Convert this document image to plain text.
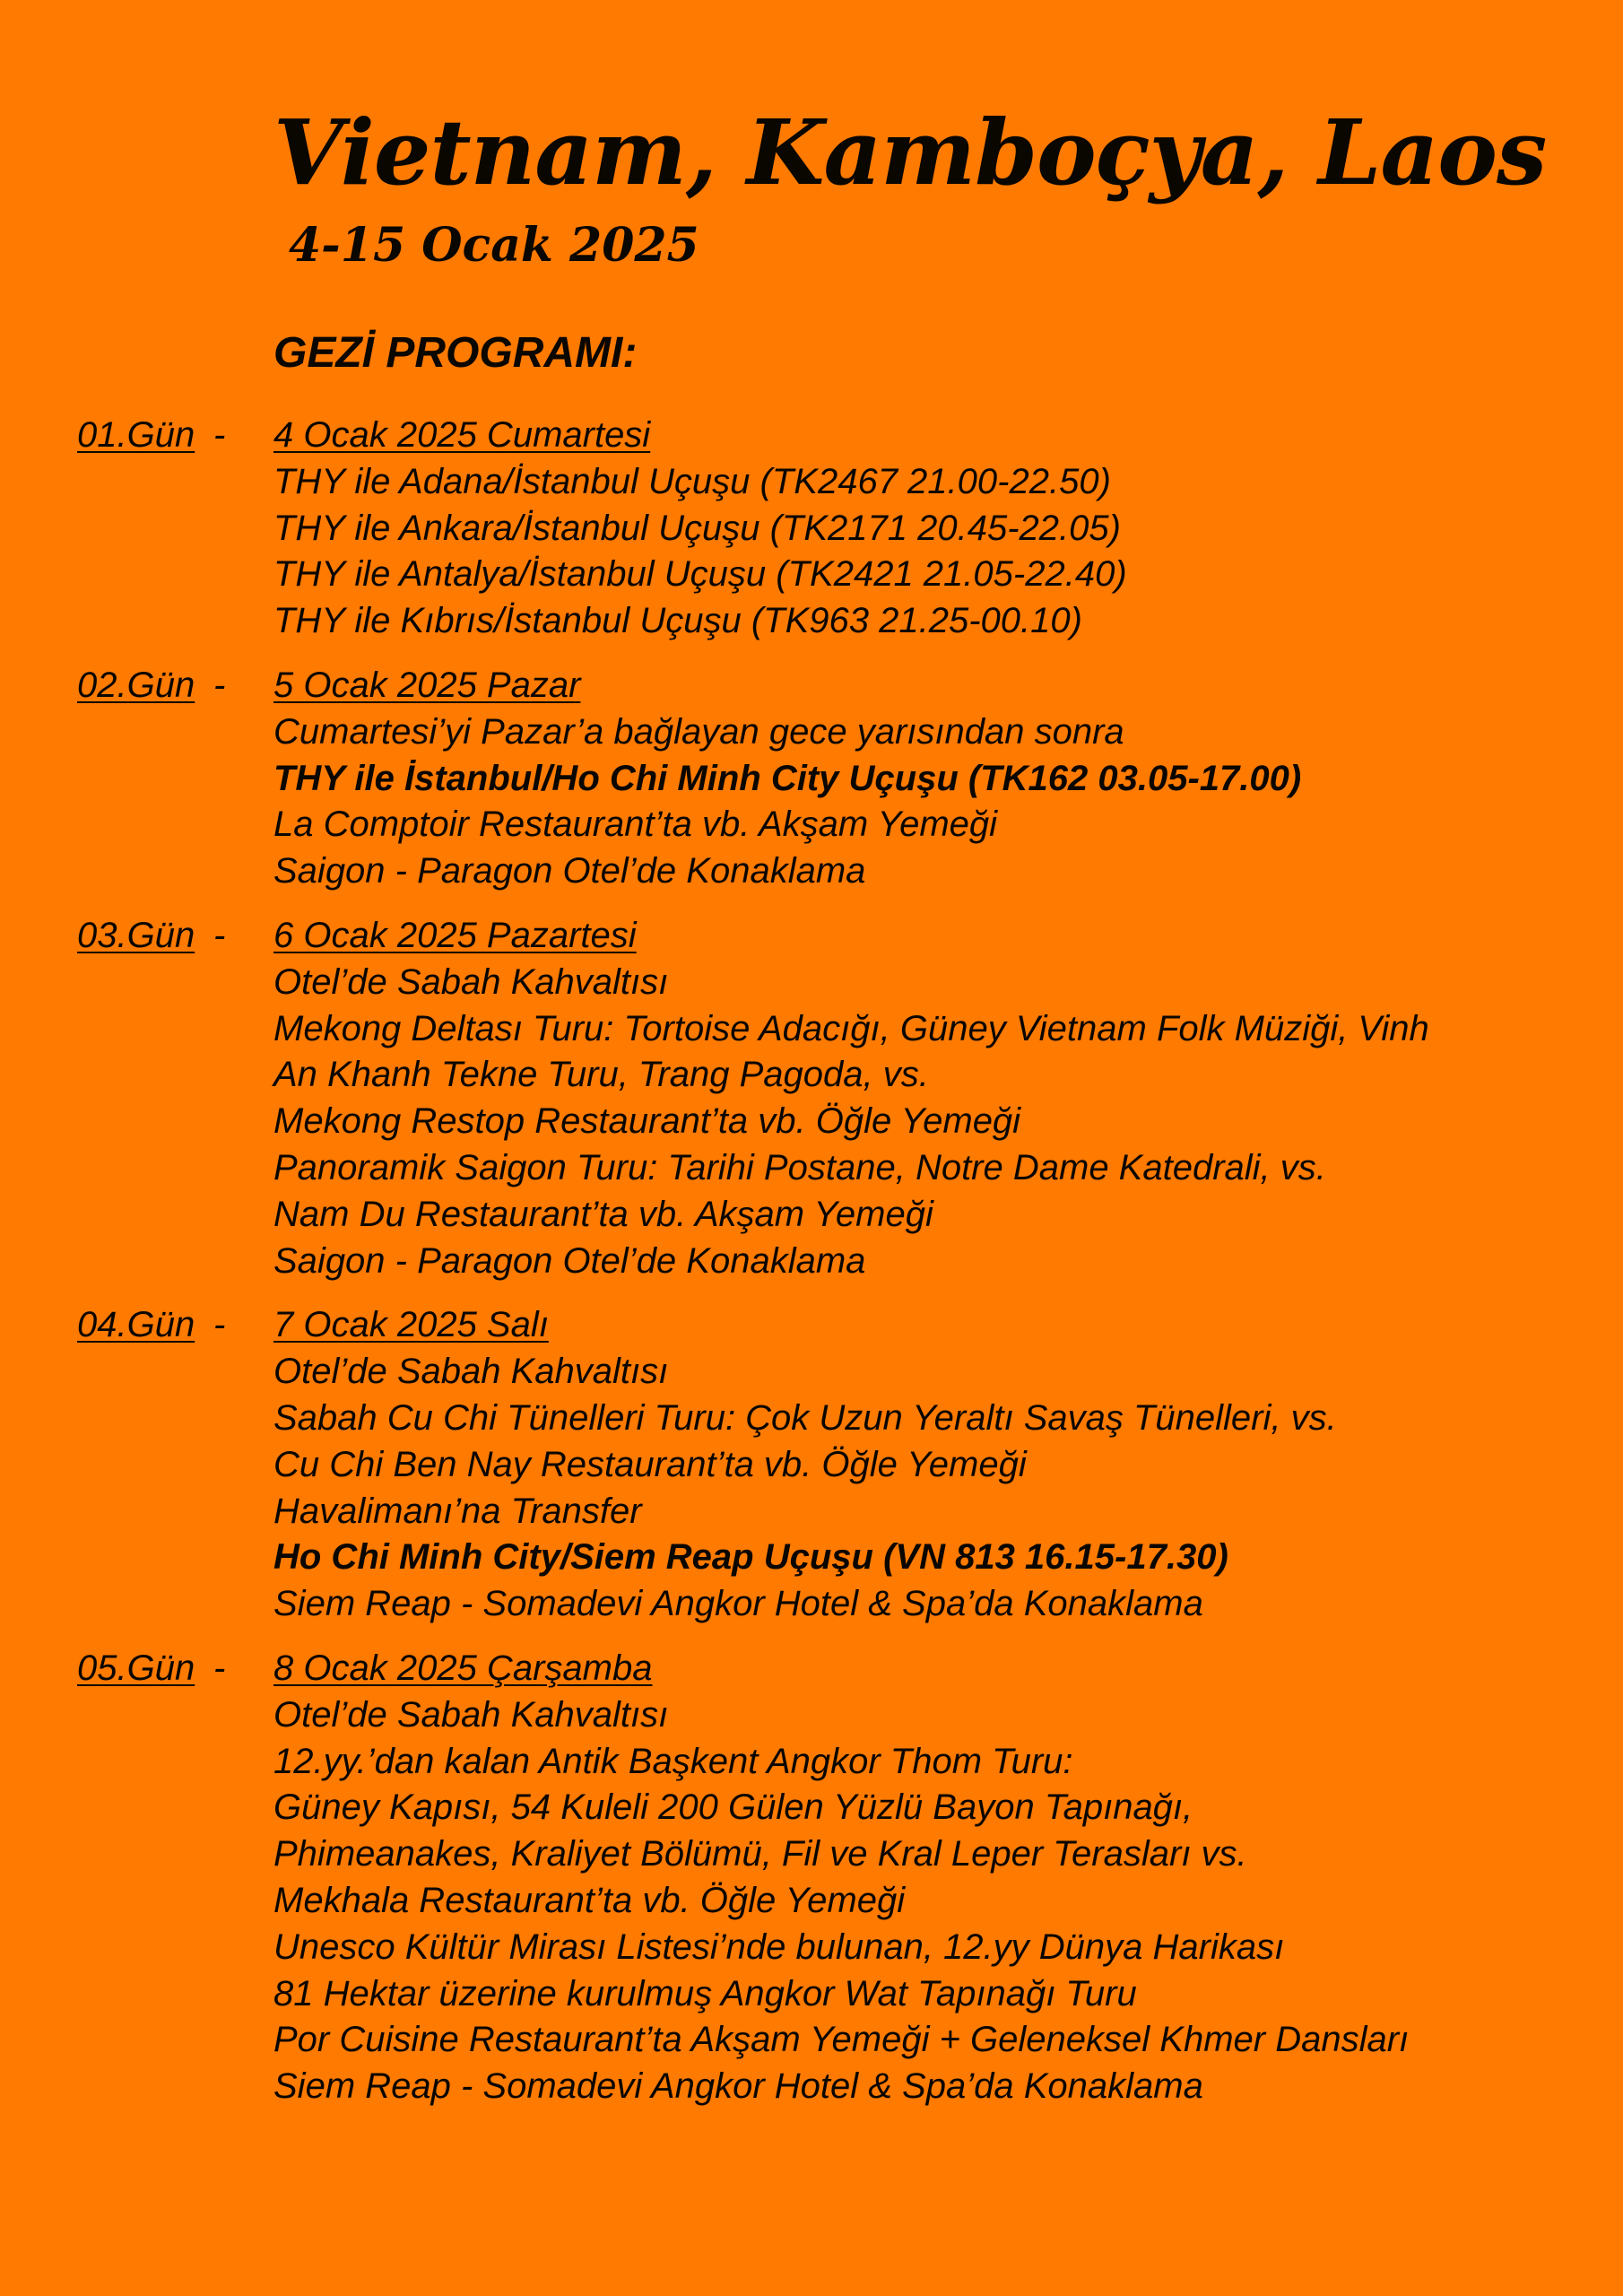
Vietnam, Kamboçya, Laos
4-15 Ocak 2025
GEZİ PROGRAMI:
01.Gün -	4 Ocak 2025 Cumartesi
THY ile Adana/İstanbul Uçuşu (TK2467 21.00-22.50)
THY ile Ankara/İstanbul Uçuşu (TK2171 20.45-22.05)
THY ile Antalya/İstanbul Uçuşu (TK2421 21.05-22.40)
THY ile Kıbrıs/İstanbul Uçuşu (TK963 21.25-00.10)
02.Gün -	5 Ocak 2025 Pazar
Cumartesi’yi Pazar’a bağlayan gece yarısından sonra
THY ile İstanbul/Ho Chi Minh City Uçuşu (TK162 03.05-17.00)
La Comptoir Restaurant’ta vb. Akşam Yemeği
Saigon - Paragon Otel’de Konaklama
03.Gün -	6 Ocak 2025 Pazartesi
Otel’de Sabah Kahvaltısı
Mekong Deltası Turu: Tortoise Adacığı, Güney Vietnam Folk Müziği, Vinh
An Khanh Tekne Turu, Trang Pagoda, vs.
Mekong Restop Restaurant’ta vb. Öğle Yemeği
Panoramik Saigon Turu: Tarihi Postane, Notre Dame Katedrali, vs.
Nam Du Restaurant’ta vb. Akşam Yemeği
Saigon - Paragon Otel’de Konaklama
04.Gün -	7 Ocak 2025 Salı
Otel’de Sabah Kahvaltısı
Sabah Cu Chi Tünelleri Turu: Çok Uzun Yeraltı Savaş Tünelleri, vs.
Cu Chi Ben Nay Restaurant’ta vb. Öğle Yemeği
Havalimanı’na Transfer
Ho Chi Minh City/Siem Reap Uçuşu (VN 813 16.15-17.30)
Siem Reap - Somadevi Angkor Hotel & Spa’da Konaklama
05.Gün -	8 Ocak 2025 Çarşamba
Otel’de Sabah Kahvaltısı
12.yy.’dan kalan Antik Başkent Angkor Thom Turu:
Güney Kapısı, 54 Kuleli 200 Gülen Yüzlü Bayon Tapınağı,
Phimeanakes, Kraliyet Bölümü, Fil ve Kral Leper Terasları vs.
Mekhala Restaurant’ta vb. Öğle Yemeği
Unesco Kültür Mirası Listesi’nde bulunan, 12.yy Dünya Harikası
81 Hektar üzerine kurulmuş Angkor Wat Tapınağı Turu
Por Cuisine Restaurant’ta Akşam Yemeği + Geleneksel Khmer Dansları
Siem Reap - Somadevi Angkor Hotel & Spa’da Konaklama
